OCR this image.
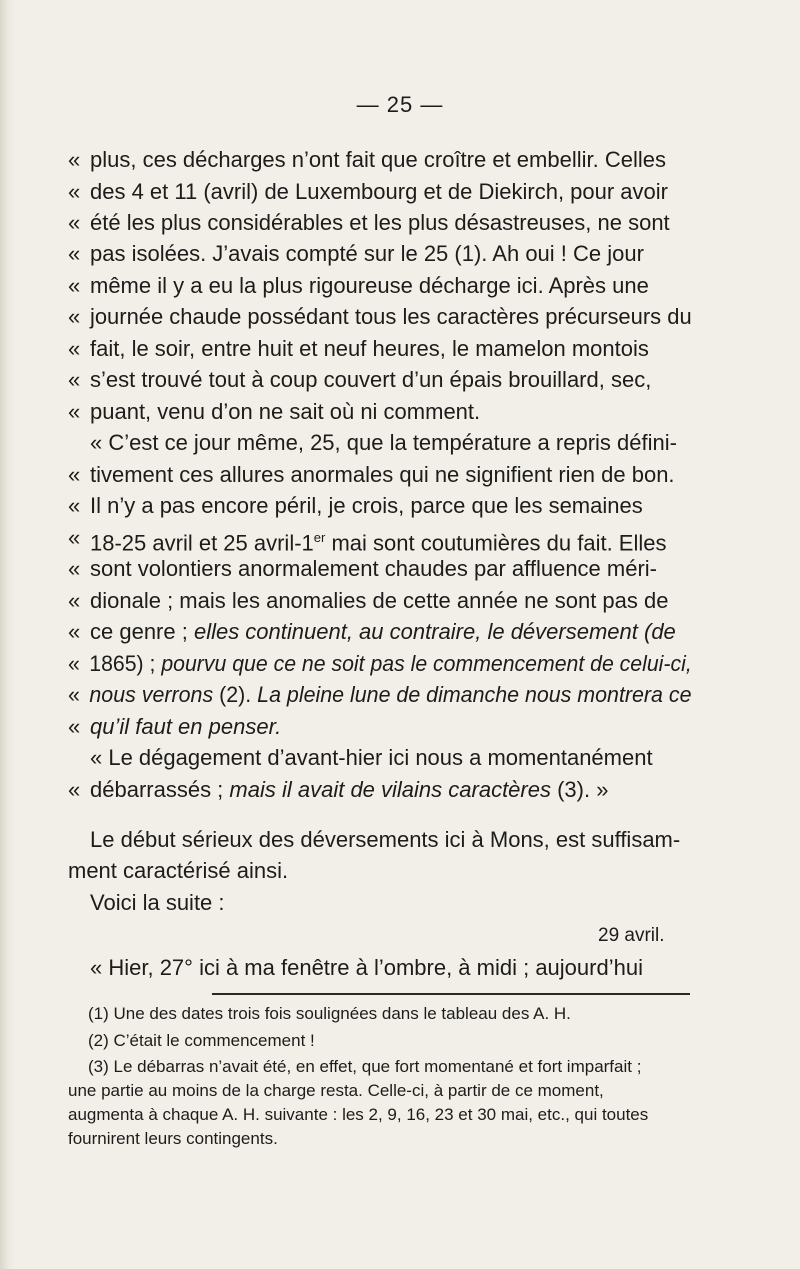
— 25 —
« plus, ces décharges n’ont fait que croître et embellir. Celles
« des 4 et 11 (avril) de Luxembourg et de Diekirch, pour avoir
« été les plus considérables et les plus désastreuses, ne sont
« pas isolées. J’avais compté sur le 25 (1). Ah oui ! Ce jour
« même il y a eu la plus rigoureuse décharge ici. Après une
« journée chaude possédant tous les caractères précurseurs du
« fait, le soir, entre huit et neuf heures, le mamelon montois
« s’est trouvé tout à coup couvert d’un épais brouillard, sec,
« puant, venu d’on ne sait où ni comment.
« C’est ce jour même, 25, que la température a repris défini-
« tivement ces allures anormales qui ne signifient rien de bon.
« Il n’y a pas encore péril, je crois, parce que les semaines
« 18-25 avril et 25 avril-1er mai sont coutumières du fait. Elles
« sont volontiers anormalement chaudes par affluence méri-
« dionale ; mais les anomalies de cette année ne sont pas de
« ce genre ; elles continuent, au contraire, le déversement (de
« 1865) ; pourvu que ce ne soit pas le commencement de celui-ci,
« nous verrons (2). La pleine lune de dimanche nous montrera ce
« qu’il faut en penser.
« Le dégagement d’avant-hier ici nous a momentanément
« débarrassés ; mais il avait de vilains caractères (3). »
Le début sérieux des déversements ici à Mons, est suffisam-
ment caractérisé ainsi.
Voici la suite :
29 avril.
« Hier, 27° ici à ma fenêtre à l’ombre, à midi ; aujourd’hui
(1) Une des dates trois fois soulignées dans le tableau des A. H.
(2) C’était le commencement !
(3) Le débarras n’avait été, en effet, que fort momentané et fort imparfait ;
une partie au moins de la charge resta. Celle-ci, à partir de ce moment,
augmenta à chaque A. H. suivante : les 2, 9, 16, 23 et 30 mai, etc., qui toutes
fournirent leurs contingents.
